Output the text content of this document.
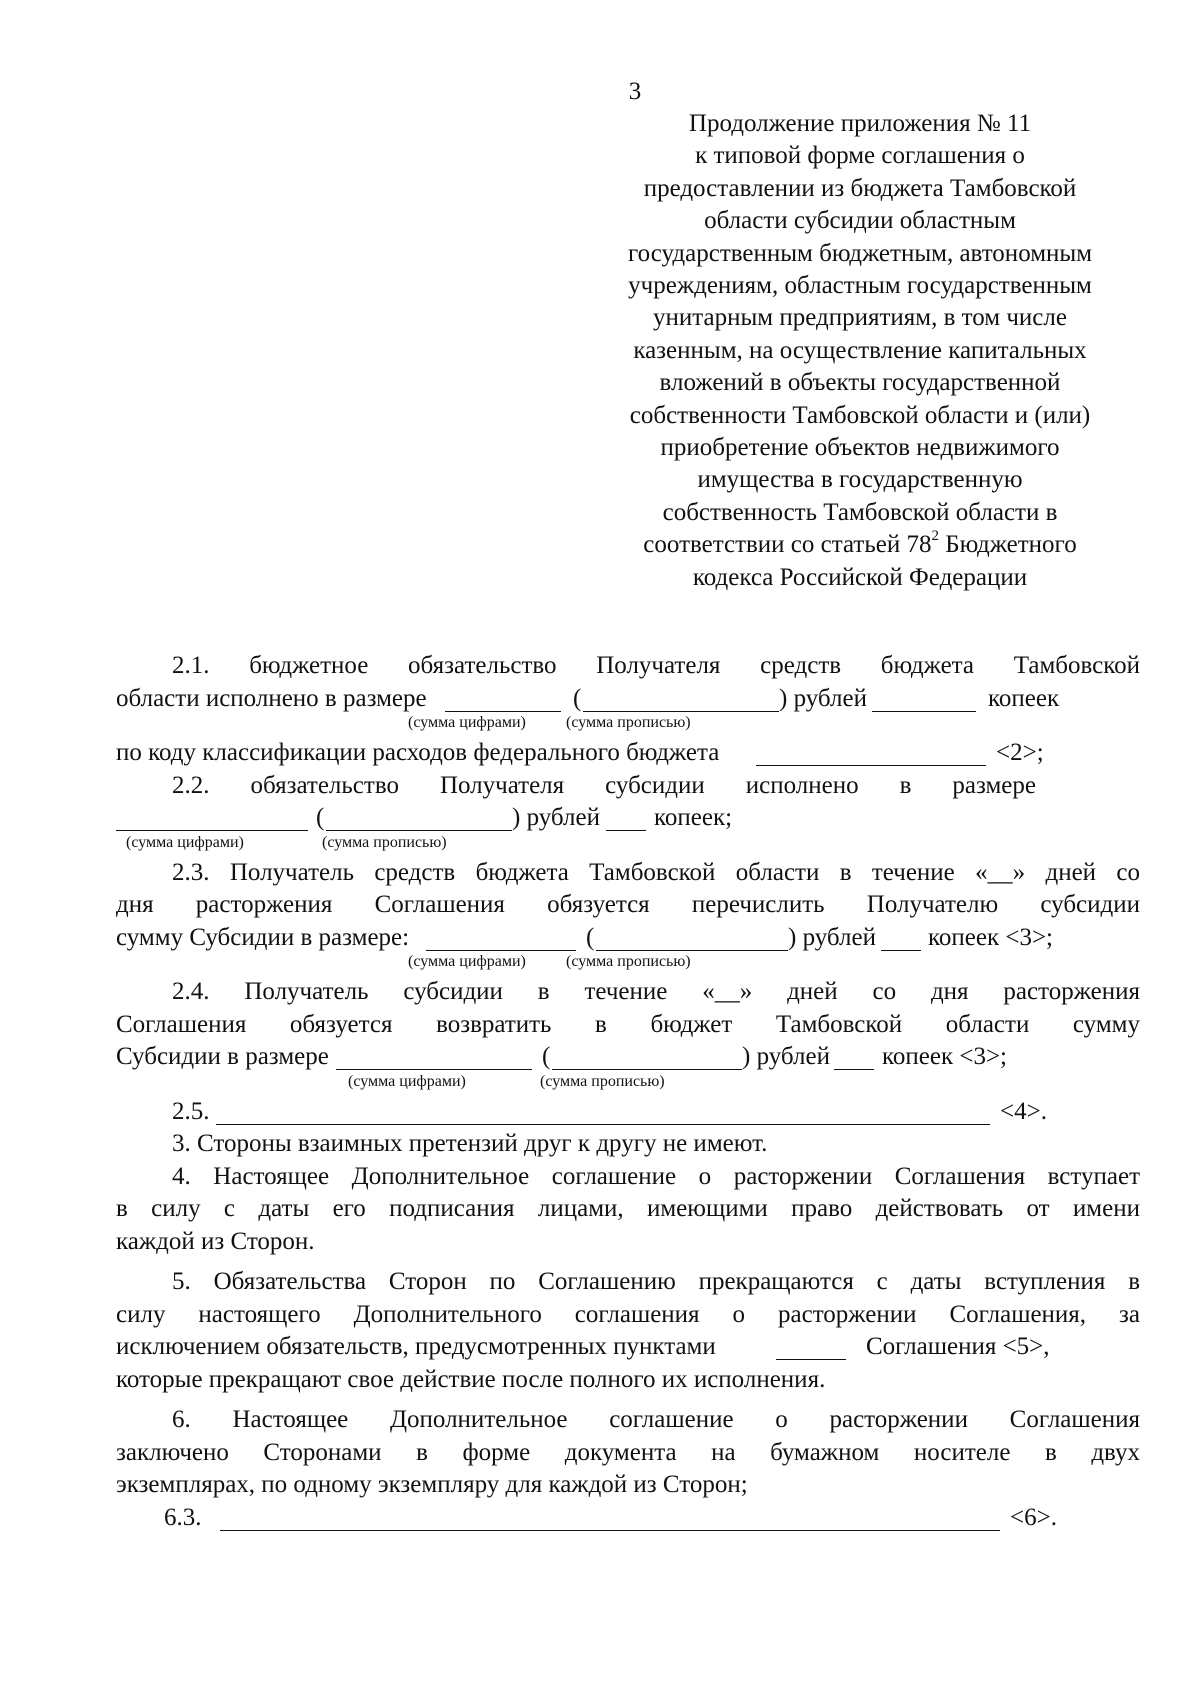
3
Продолжение приложения № 11
к типовой форме соглашения о
предоставлении из бюджета Тамбовской
области субсидии областным
государственным бюджетным, автономным
учреждениям, областным государственным
унитарным предприятиям, в том числе
казенным, на осуществление капитальных
вложений в объекты государственной
собственности Тамбовской области и (или)
приобретение объектов недвижимого
имущества в государственную
собственность Тамбовской области в
соответствии со статьей $78^2$ Бюджетного
кодекса Российской Федерации
2.1. бюджетное обязательство Получателя средств бюджета Тамбовской
области исполнено в размере	(	) рублей	копеек
(сумма цифрами)	(сумма прописью)
по коду классификации расходов федерального бюджета	<2>;
2.2. обязательство Получателя субсидии исполнено в размере
(	) рублей копеек;
(сумма цифрами)	(сумма прописью)
2.3. Получатель средств бюджета Тамбовской области в течение «__» дней со
дня расторжения Соглашения обязуется перечислить Получателю субсидии
сумму Субсидии в размере:	(	) рублей копеек <3>;
(сумма цифрами)	(сумма прописью)
2.4. Получатель субсидии в течение «__» дней со дня расторжения
Соглашения обязуется возвратить в бюджет Тамбовской области сумму
Субсидии в размере	(	) рублей копеек <3>;
(сумма цифрами)	(сумма прописью)
2.5.	<4>.
3. Стороны взаимных претензий друг к другу не имеют.
4. Настоящее Дополнительное соглашение о расторжении Соглашения вступает
в силу с даты его подписания лицами, имеющими право действовать от имени
каждой из Сторон.
5. Обязательства Сторон по Соглашению прекращаются с даты вступления в
силу настоящего Дополнительного соглашения о расторжении Соглашения, за
исключением обязательств, предусмотренных пунктами	Соглашения <5>,
которые прекращают свое действие после полного их исполнения.
6. Настоящее Дополнительное соглашение о расторжении Соглашения
заключено Сторонами в форме документа на бумажном носителе в двух
экземплярах, по одному экземпляру для каждой из Сторон;
6.3.	<6>.
